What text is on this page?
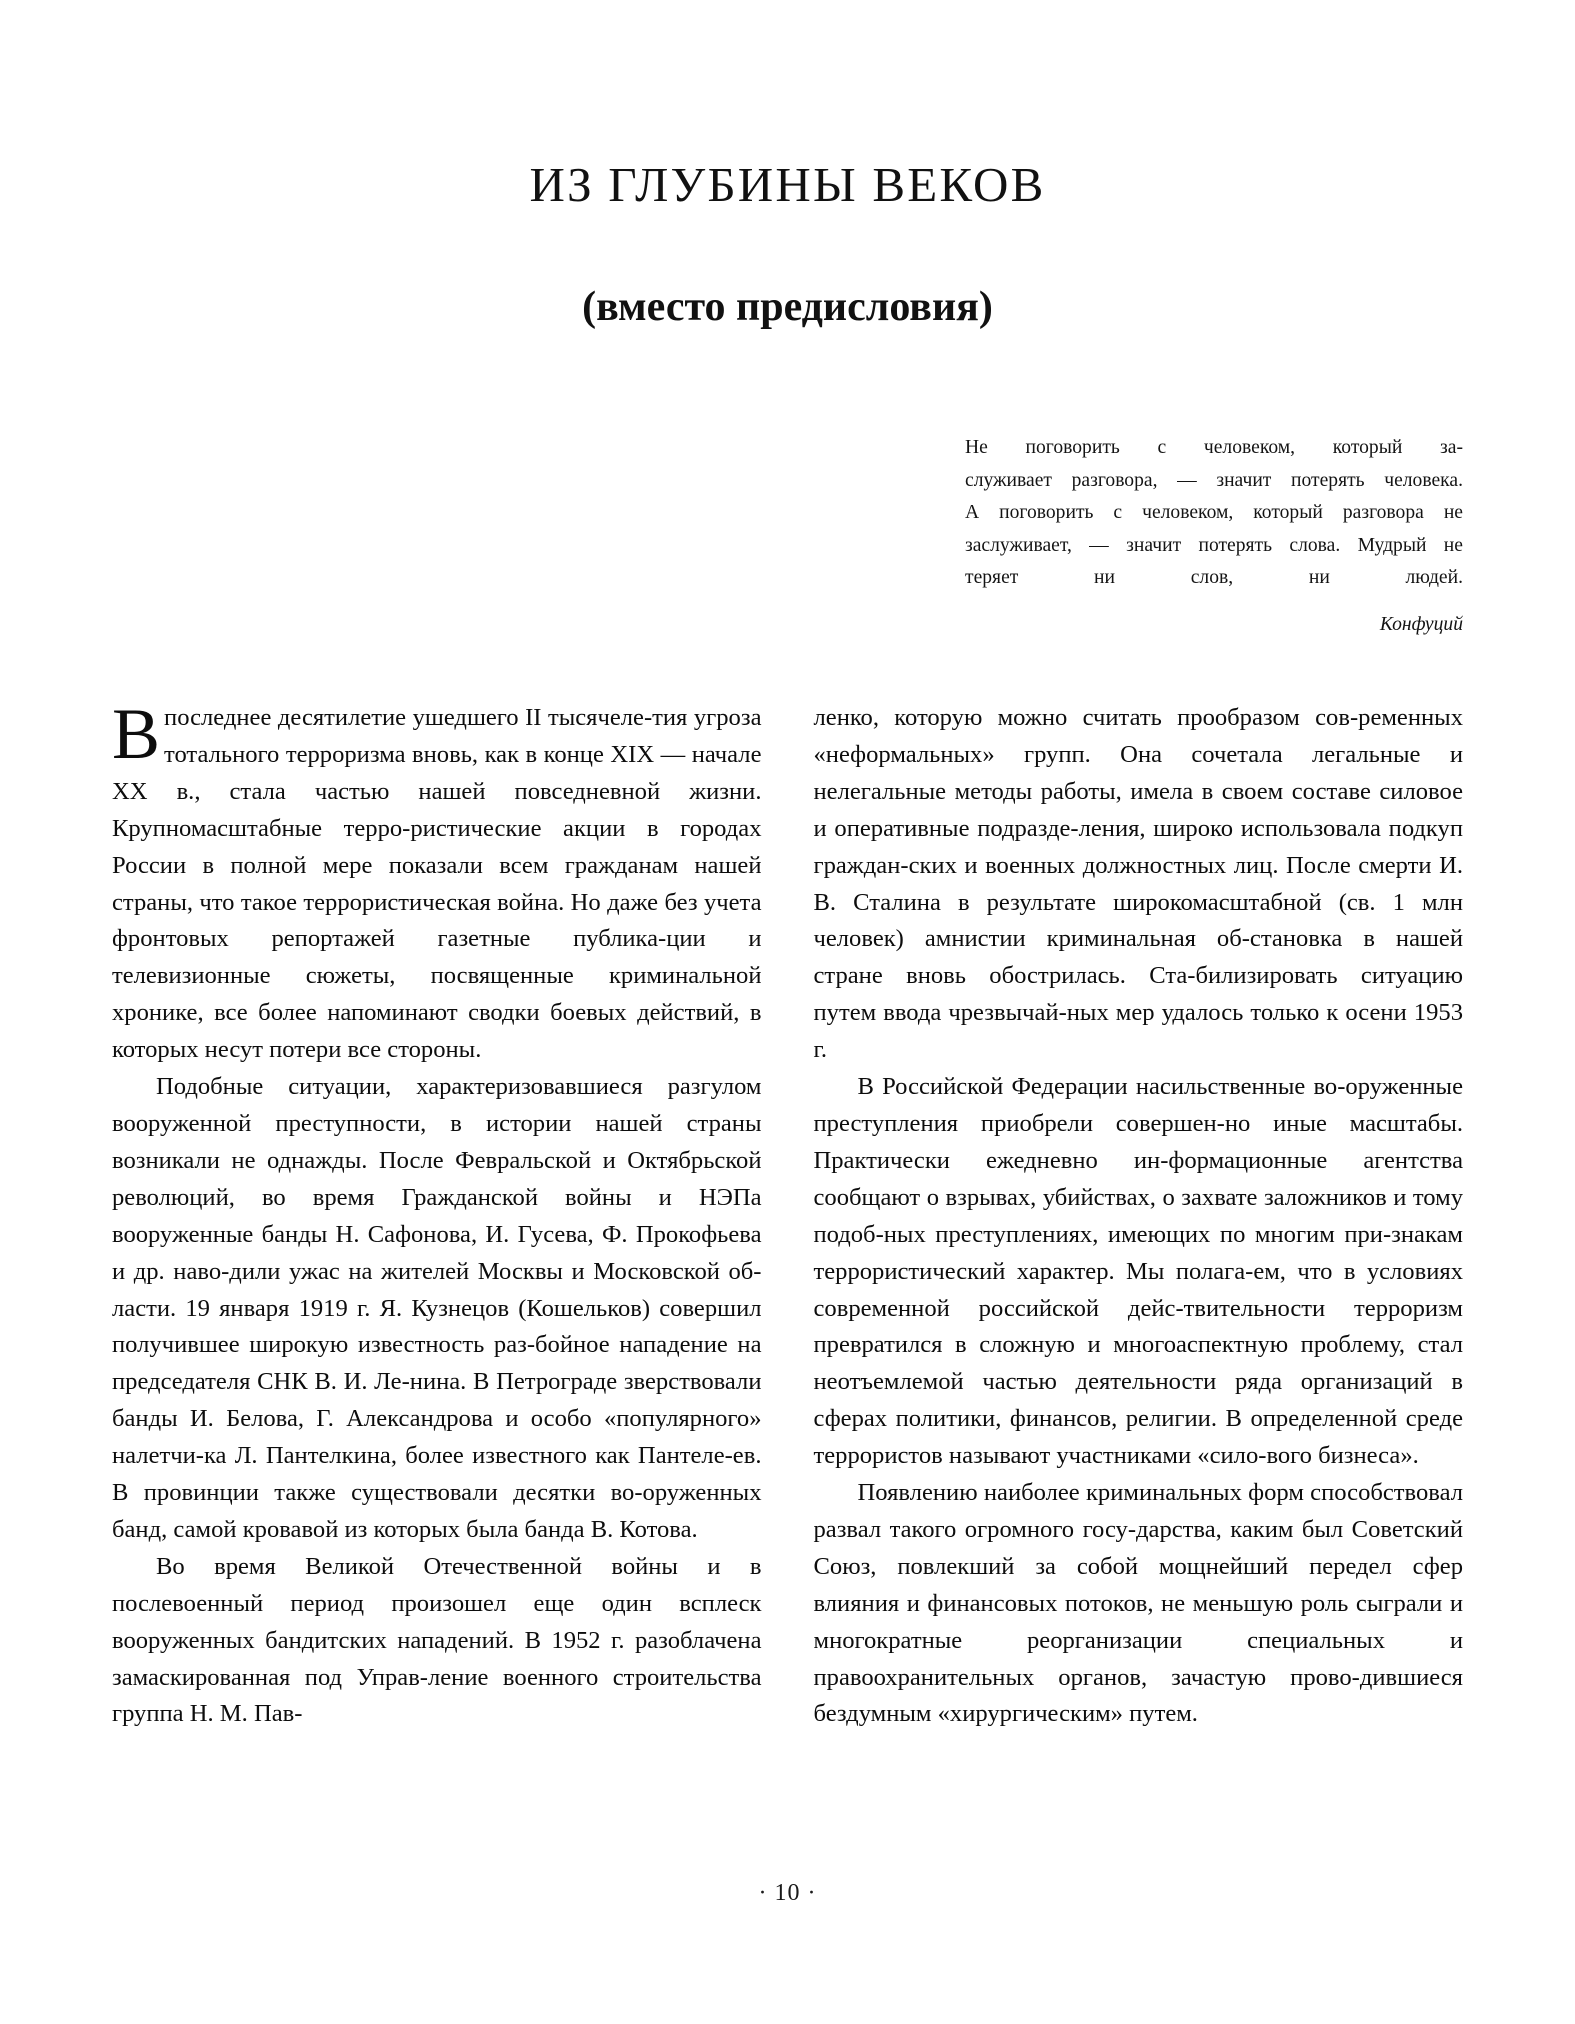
ИЗ ГЛУБИНЫ ВЕКОВ
(вместо предисловия)
Не поговорить с человеком, который за-
служивает разговора, — значит потерять человека.
А поговорить с человеком, который разговора не
заслуживает, — значит потерять слова. Мудрый не
теряет ни слов, ни людей.
Конфуций

Впоследнее десятилетие ушедшего II тысячеле-тия угроза тотального терроризма вновь, как в конце XIX — начале XX в., стала частью нашей повседневной жизни. Крупномасштабные терро-ристические акции в городах России в полной мере показали всем гражданам нашей страны, что такое террористическая война. Но даже без учета фронтовых репортажей газетные публика-ции и телевизионные сюжеты, посвященные криминальной хронике, все более напоминают сводки боевых действий, в которых несут потери все стороны.

Подобные ситуации, характеризовавшиеся разгулом вооруженной преступности, в истории нашей страны возникали не однажды. После Февральской и Октябрьской революций, во время Гражданской войны и НЭПа вооруженные банды Н. Сафонова, И. Гусева, Ф. Прокофьева и др. наво-дили ужас на жителей Москвы и Московской об-ласти. 19 января 1919 г. Я. Кузнецов (Кошельков) совершил получившее широкую известность раз-бойное нападение на председателя СНК В. И. Ле-нина. В Петрограде зверствовали банды И. Белова, Г. Александрова и особо «популярного» налетчи-ка Л. Пантелкина, более известного как Пантеле-ев. В провинции также существовали десятки во-оруженных банд, самой кровавой из которых была банда В. Котова.

Во время Великой Отечественной войны и в послевоенный период произошел еще один всплеск вооруженных бандитских нападений. В 1952 г. разоблачена замаскированная под Управ-ление военного строительства группа Н. М. Пав-

ленко, которую можно считать прообразом сов-ременных «неформальных» групп. Она сочетала легальные и нелегальные методы работы, имела в своем составе силовое и оперативные подразде-ления, широко использовала подкуп граждан-ских и военных должностных лиц. После смерти И. В. Сталина в результате широкомасштабной (св. 1 млн человек) амнистии криминальная об-становка в нашей стране вновь обострилась. Ста-билизировать ситуацию путем ввода чрезвычай-ных мер удалось только к осени 1953 г.

В Российской Федерации насильственные во-оруженные преступления приобрели совершен-но иные масштабы. Практически ежедневно ин-формационные агентства сообщают о взрывах, убийствах, о захвате заложников и тому подоб-ных преступлениях, имеющих по многим при-знакам террористический характер. Мы полага-ем, что в условиях современной российской дейс-твительности терроризм превратился в сложную и многоаспектную проблему, стал неотъемлемой частью деятельности ряда организаций в сферах политики, финансов, религии. В определенной среде террористов называют участниками «сило-вого бизнеса».

Появлению наиболее криминальных форм способствовал развал такого огромного госу-дарства, каким был Советский Союз, повлекший за собой мощнейший передел сфер влияния и финансовых потоков, не меньшую роль сыграли и многократные реорганизации специальных и правоохранительных органов, зачастую прово-дившиеся бездумным «хирургическим» путем.

· 10 ·
